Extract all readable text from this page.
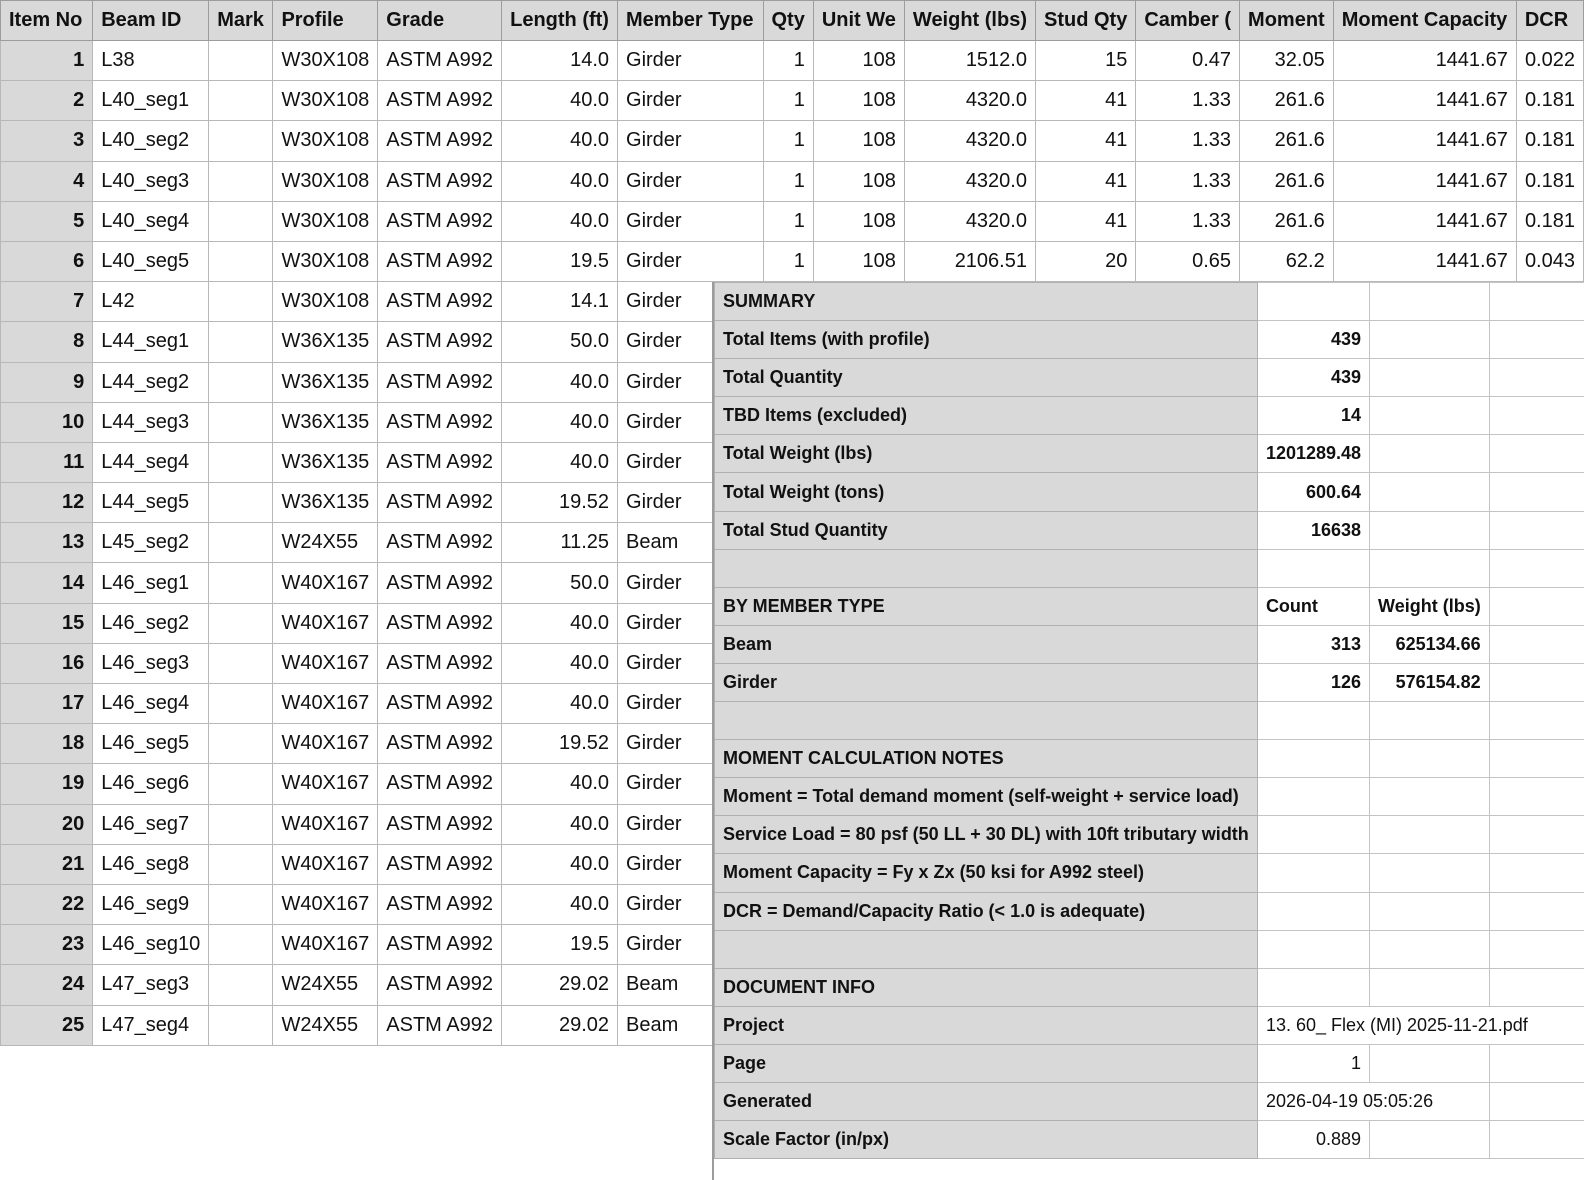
Item No	Beam ID	Mark	Profile	Grade	Length (ft)	Member Type	Qty	Unit We	Weight (lbs)	Stud Qty	Camber (	Moment	Moment Capacity	DCR
1	L38		W30X108	ASTM A992	14.0	Girder	1	108	1512.0	15	0.47	32.05	1441.67	0.022
2	L40_seg1		W30X108	ASTM A992	40.0	Girder	1	108	4320.0	41	1.33	261.6	1441.67	0.181
3	L40_seg2		W30X108	ASTM A992	40.0	Girder	1	108	4320.0	41	1.33	261.6	1441.67	0.181
4	L40_seg3		W30X108	ASTM A992	40.0	Girder	1	108	4320.0	41	1.33	261.6	1441.67	0.181
5	L40_seg4		W30X108	ASTM A992	40.0	Girder	1	108	4320.0	41	1.33	261.6	1441.67	0.181
6	L40_seg5		W30X108	ASTM A992	19.5	Girder	1	108	2106.51	20	0.65	62.2	1441.67	0.043
7	L42		W30X108	ASTM A992	14.1	Girder								
8	L44_seg1		W36X135	ASTM A992	50.0	Girder								
9	L44_seg2		W36X135	ASTM A992	40.0	Girder								
10	L44_seg3		W36X135	ASTM A992	40.0	Girder								
11	L44_seg4		W36X135	ASTM A992	40.0	Girder								
12	L44_seg5		W36X135	ASTM A992	19.52	Girder								
13	L45_seg2		W24X55	ASTM A992	11.25	Beam								
14	L46_seg1		W40X167	ASTM A992	50.0	Girder								
15	L46_seg2		W40X167	ASTM A992	40.0	Girder								
16	L46_seg3		W40X167	ASTM A992	40.0	Girder								
17	L46_seg4		W40X167	ASTM A992	40.0	Girder								
18	L46_seg5		W40X167	ASTM A992	19.52	Girder								
19	L46_seg6		W40X167	ASTM A992	40.0	Girder								
20	L46_seg7		W40X167	ASTM A992	40.0	Girder								
21	L46_seg8		W40X167	ASTM A992	40.0	Girder								
22	L46_seg9		W40X167	ASTM A992	40.0	Girder								
23	L46_seg10		W40X167	ASTM A992	19.5	Girder								
24	L47_seg3		W24X55	ASTM A992	29.02	Beam								
25	L47_seg4		W24X55	ASTM A992	29.02	Beam								
SUMMARY			
Total Items (with profile)	439		
Total Quantity	439		
TBD Items (excluded)	14		
Total Weight (lbs)	1201289.48		
Total Weight (tons)	600.64		
Total Stud Quantity	16638		

BY MEMBER TYPE	Count	Weight (lbs)	
Beam	313	625134.66	
Girder	126	576154.82	

MOMENT CALCULATION NOTES			
Moment = Total demand moment (self-weight + service load)			
Service Load = 80 psf (50 LL + 30 DL) with 10ft tributary width			
Moment Capacity = Fy x Zx (50 ksi for A992 steel)			
DCR = Demand/Capacity Ratio (< 1.0 is adequate)			

DOCUMENT INFO			
Project	13. 60_ Flex (MI) 2025-11-21.pdf		
Page	1		
Generated	2026-04-19 05:05:26		
Scale Factor (in/px)	0.889		
